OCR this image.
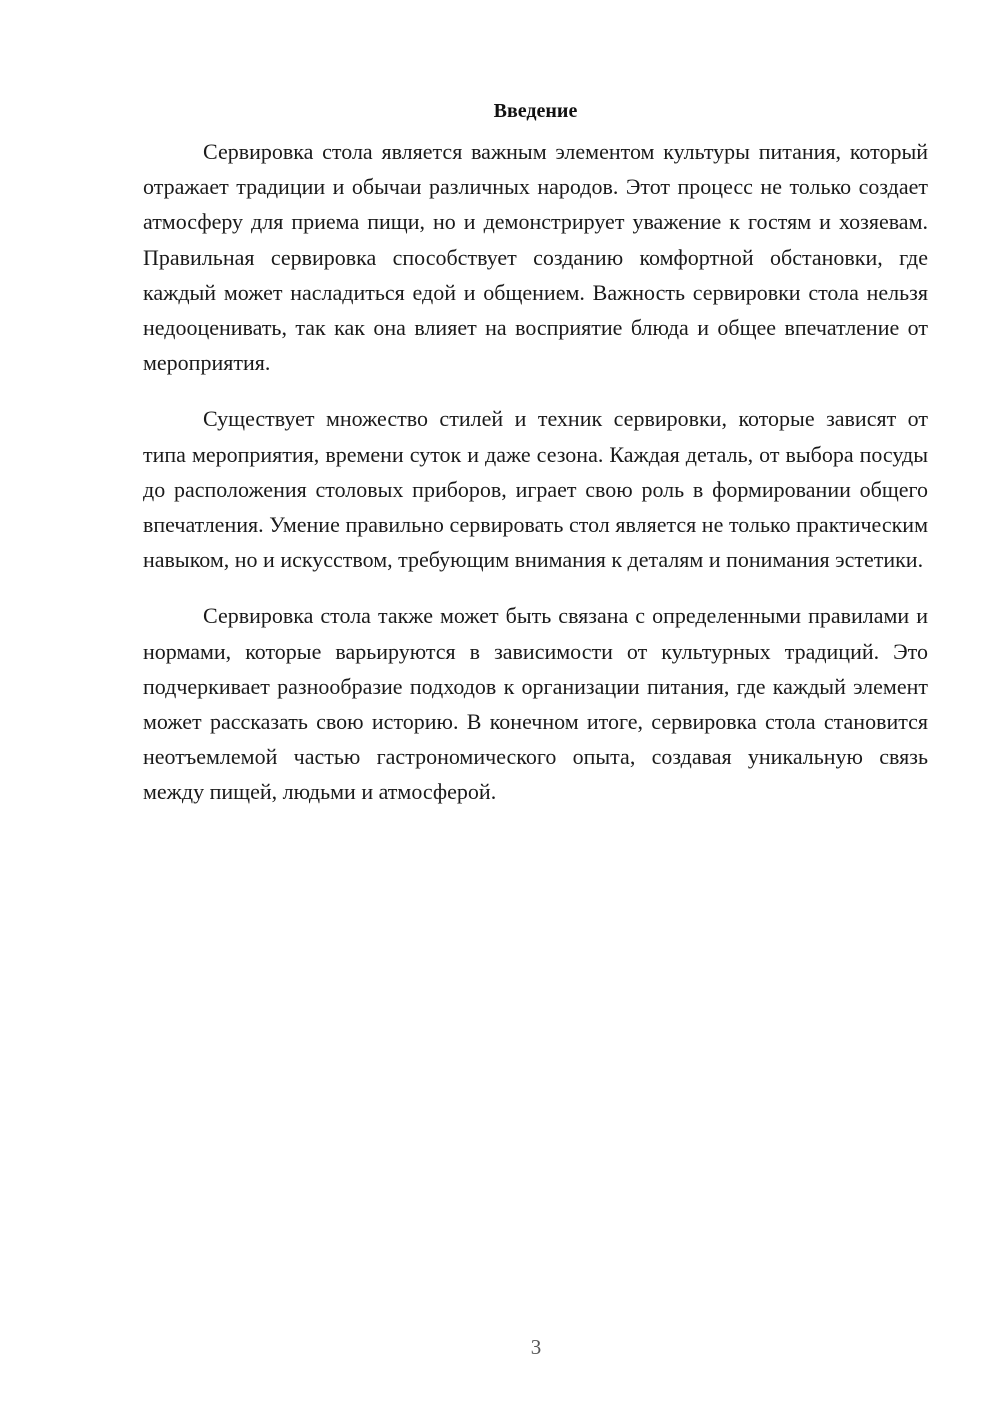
Введение

Сервировка стола является важным элементом культуры питания, который отражает традиции и обычаи различных народов. Этот процесс не только создает атмосферу для приема пищи, но и демонстрирует уважение к гостям и хозяевам. Правильная сервировка способствует созданию комфортной обстановки, где каждый может насладиться едой и общением. Важность сервировки стола нельзя недооценивать, так как она влияет на восприятие блюда и общее впечатление от мероприятия.

Существует множество стилей и техник сервировки, которые зависят от типа мероприятия, времени суток и даже сезона. Каждая деталь, от выбора посуды до расположения столовых приборов, играет свою роль в формировании общего впечатления. Умение правильно сервировать стол является не только практическим навыком, но и искусством, требующим внимания к деталям и понимания эстетики.

Сервировка стола также может быть связана с определенными правилами и нормами, которые варьируются в зависимости от культурных традиций. Это подчеркивает разнообразие подходов к организации питания, где каждый элемент может рассказать свою историю. В конечном итоге, сервировка стола становится неотъемлемой частью гастрономического опыта, создавая уникальную связь между пищей, людьми и атмосферой.

3
